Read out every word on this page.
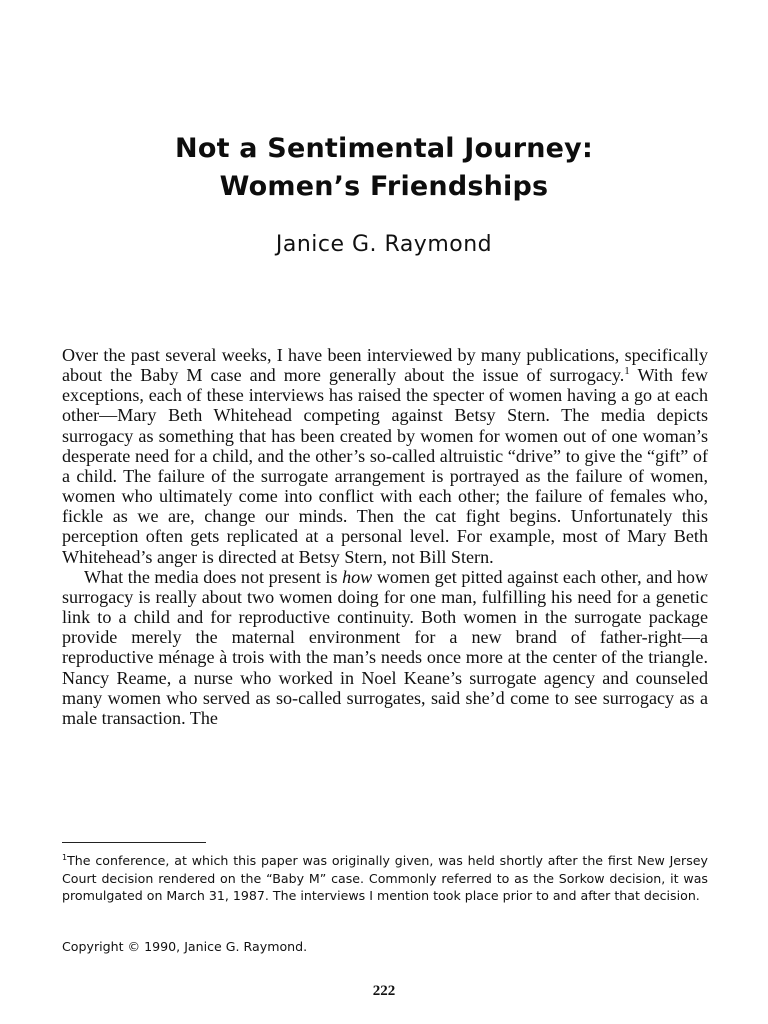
Not a Sentimental Journey:
Women’s Friendships
Janice G. Raymond

Over the past several weeks, I have been interviewed by many publications, specifically about the Baby M case and more generally about the issue of surrogacy.$^1$ With few exceptions, each of these interviews has raised the specter of women having a go at each other—Mary Beth Whitehead competing against Betsy Stern. The media depicts surrogacy as something that has been created by women for women out of one woman’s desperate need for a child, and the other’s so-called altruistic “drive” to give the “gift” of a child. The failure of the surrogate arrangement is portrayed as the failure of women, women who ultimately come into conflict with each other; the failure of females who, fickle as we are, change our minds. Then the cat fight begins. Unfortunately this perception often gets replicated at a personal level. For example, most of Mary Beth Whitehead’s anger is directed at Betsy Stern, not Bill Stern.

What the media does not present is how women get pitted against each other, and how surrogacy is really about two women doing for one man, fulfilling his need for a genetic link to a child and for reproductive continuity. Both women in the surrogate package provide merely the maternal environment for a new brand of father-right—a reproductive ménage à trois with the man’s needs once more at the center of the triangle. Nancy Reame, a nurse who worked in Noel Keane’s surrogate agency and counseled many women who served as so-called surrogates, said she’d come to see surrogacy as a male transaction. The

$^1$The conference, at which this paper was originally given, was held shortly after the first New Jersey Court decision rendered on the “Baby M” case. Commonly referred to as the Sorkow decision, it was promulgated on March 31, 1987. The interviews I mention took place prior to and after that decision.

Copyright © 1990, Janice G. Raymond.
222
